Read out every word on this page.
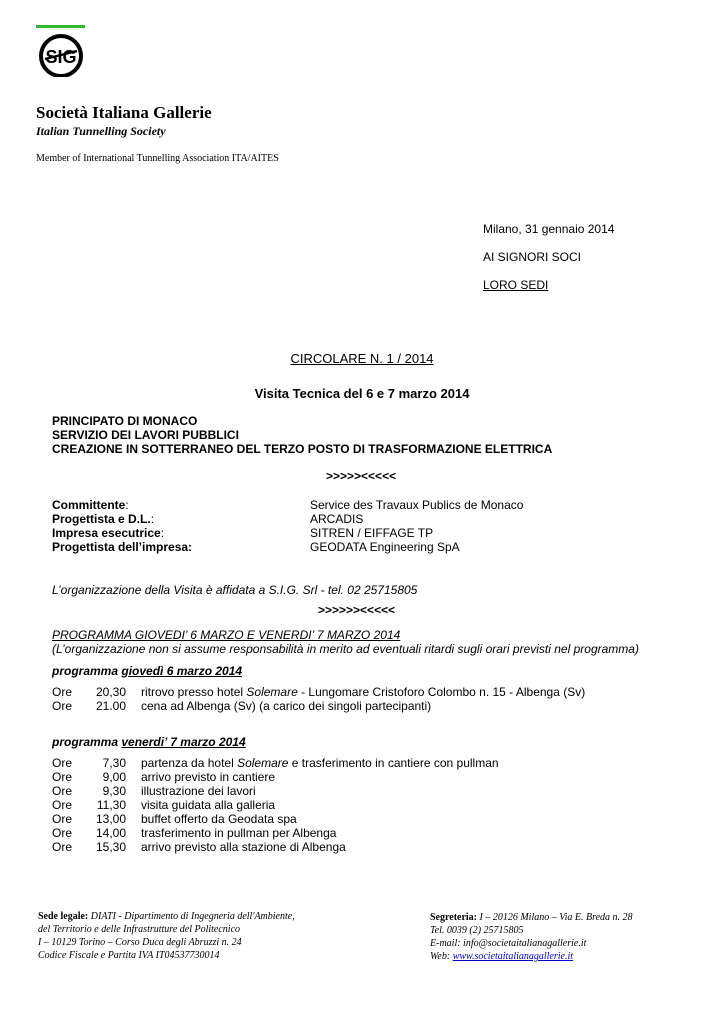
SIG
Società Italiana Gallerie
Italian Tunnelling Society
Member of International Tunnelling Association ITA/AITES
Milano, 31 gennaio 2014
AI SIGNORI SOCI
LORO SEDI
CIRCOLARE N. 1 / 2014
Visita Tecnica del 6 e 7 marzo 2014
PRINCIPATO DI MONACO
SERVIZIO DEI LAVORI PUBBLICI
CREAZIONE IN SOTTERRANEO DEL TERZO POSTO DI TRASFORMAZIONE ELETTRICA
>>>>><<<<<
Committente:	Service des Travaux Publics de Monaco
Progettista e D.L.:	ARCADIS
Impresa esecutrice:	SITREN / EIFFAGE TP
Progettista dell’impresa:	GEODATA Engineering SpA
L’organizzazione della Visita è affidata a S.I.G. Srl - tel. 02 25715805
>>>>>><<<<<
PROGRAMMA GIOVEDI’ 6 MARZO E VENERDI’ 7 MARZO 2014
(L’organizzazione non si assume responsabilità in merito ad eventuali ritardi sugli orari previsti nel programma)
programma giovedì 6 marzo 2014
Ore 20,30 ritrovo presso hotel Solemare - Lungomare Cristoforo Colombo n. 15 - Albenga (Sv)
Ore 21.00 cena ad Albenga (Sv) (a carico dei singoli partecipanti)
programma venerdi’ 7 marzo 2014
Ore	7,30 partenza da hotel Solemare e trasferimento in cantiere con pullman
Ore	9,00 arrivo previsto in cantiere
Ore	9,30 illustrazione dei lavori
Ore 11,30 visita guidata alla galleria
Ore 13,00 buffet offerto da Geodata spa
Ore 14,00 trasferimento in pullman per Albenga
Ore 15,30 arrivo previsto alla stazione di Albenga
Sede legale: DIATI - Dipartimento di Ingegneria dell'Ambiente,
del Territorio e delle Infrastrutture del Politecnico
I – 10129 Torino – Corso Duca degli Abruzzi n. 24
Codice Fiscale e Partita IVA IT04537730014
Segreteria: I – 20126 Milano – Via E. Breda n. 28
Tel. 0039 (2) 25715805
E-mail: info@societaitalianagallerie.it
Web: www.societaitalianagallerie.it
